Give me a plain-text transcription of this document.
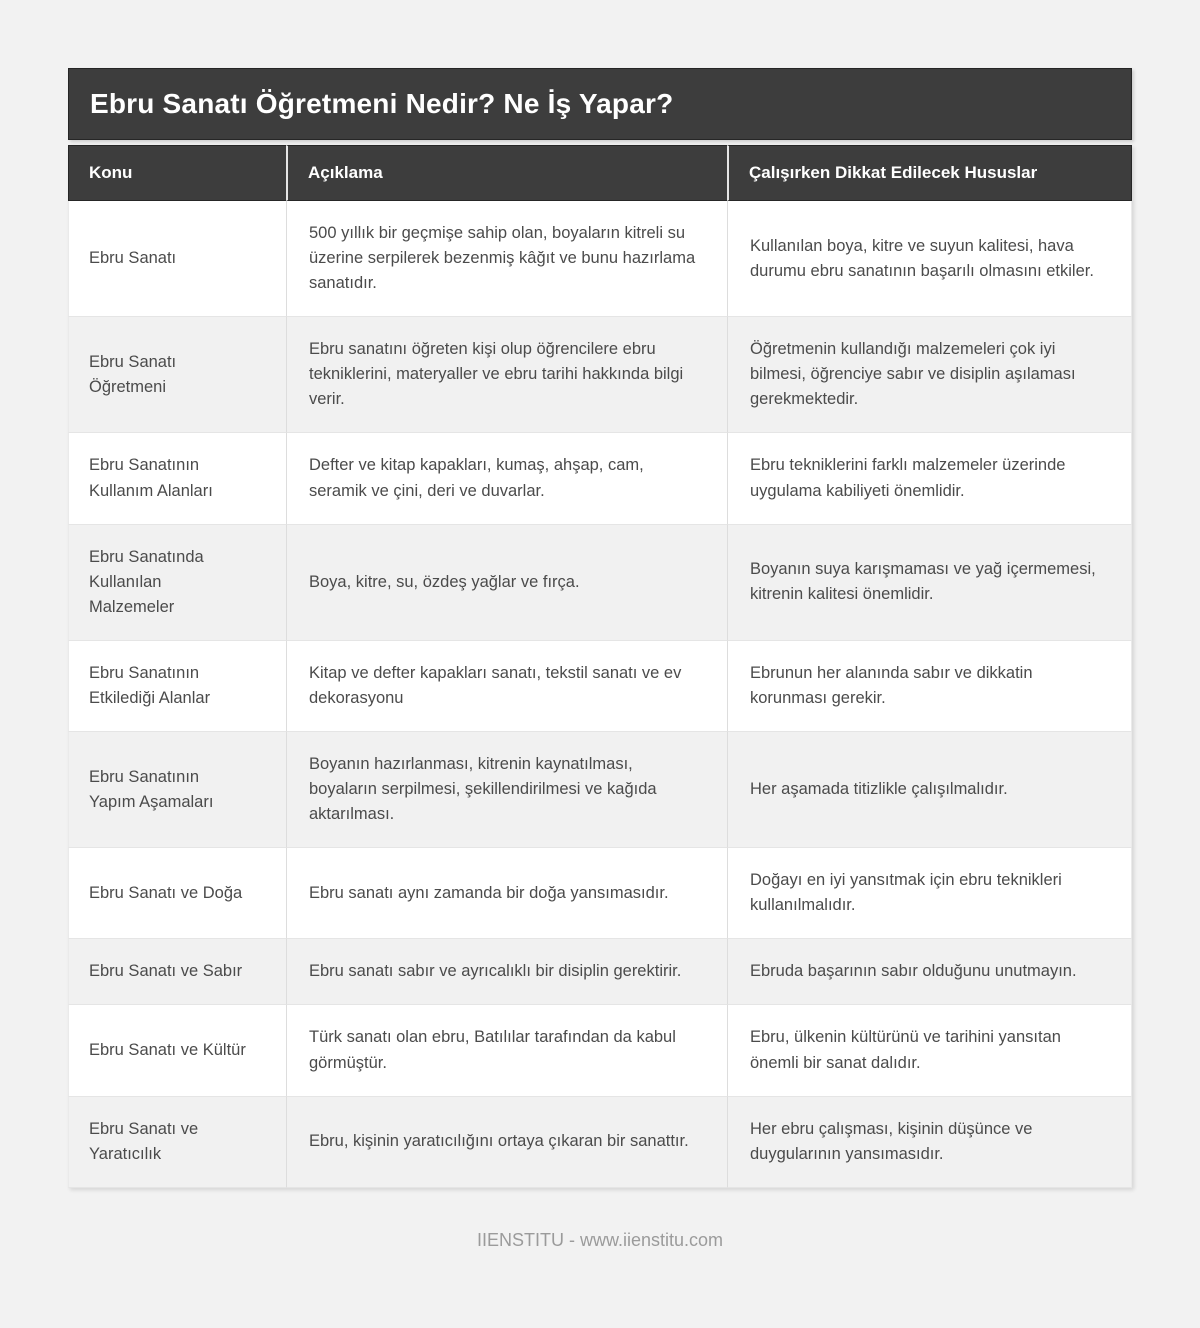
Ebru Sanatı Öğretmeni Nedir? Ne İş Yapar?
Konu	Açıklama	Çalışırken Dikkat Edilecek Hususlar
Ebru Sanatı	500 yıllık bir geçmişe sahip olan, boyaların kitreli su üzerine serpilerek bezenmiş kâğıt ve bunu hazırlama sanatıdır.	Kullanılan boya, kitre ve suyun kalitesi, hava durumu ebru sanatının başarılı olmasını etkiler.
Ebru Sanatı Öğretmeni	Ebru sanatını öğreten kişi olup öğrencilere ebru tekniklerini, materyaller ve ebru tarihi hakkında bilgi verir.	Öğretmenin kullandığı malzemeleri çok iyi bilmesi, öğrenciye sabır ve disiplin aşılaması gerekmektedir.
Ebru Sanatının Kullanım Alanları	Defter ve kitap kapakları, kumaş, ahşap, cam, seramik ve çini, deri ve duvarlar.	Ebru tekniklerini farklı malzemeler üzerinde uygulama kabiliyeti önemlidir.
Ebru Sanatında Kullanılan Malzemeler	Boya, kitre, su, özdeş yağlar ve fırça.	Boyanın suya karışmaması ve yağ içermemesi, kitrenin kalitesi önemlidir.
Ebru Sanatının Etkilediği Alanlar	Kitap ve defter kapakları sanatı, tekstil sanatı ve ev dekorasyonu	Ebrunun her alanında sabır ve dikkatin korunması gerekir.
Ebru Sanatının Yapım Aşamaları	Boyanın hazırlanması, kitrenin kaynatılması, boyaların serpilmesi, şekillendirilmesi ve kağıda aktarılması.	Her aşamada titizlikle çalışılmalıdır.
Ebru Sanatı ve Doğa	Ebru sanatı aynı zamanda bir doğa yansımasıdır.	Doğayı en iyi yansıtmak için ebru teknikleri kullanılmalıdır.
Ebru Sanatı ve Sabır	Ebru sanatı sabır ve ayrıcalıklı bir disiplin gerektirir.	Ebruda başarının sabır olduğunu unutmayın.
Ebru Sanatı ve Kültür	Türk sanatı olan ebru, Batılılar tarafından da kabul görmüştür.	Ebru, ülkenin kültürünü ve tarihini yansıtan önemli bir sanat dalıdır.
Ebru Sanatı ve Yaratıcılık	Ebru, kişinin yaratıcılığını ortaya çıkaran bir sanattır.	Her ebru çalışması, kişinin düşünce ve duygularının yansımasıdır.
IIENSTITU - www.iienstitu.com
